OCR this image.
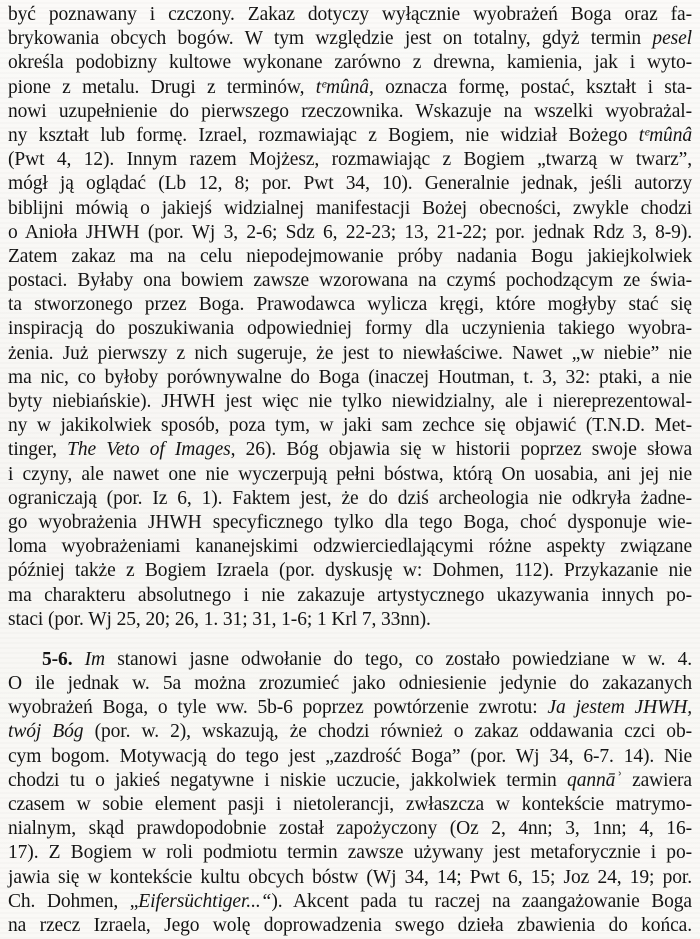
być poznawany i czczony. Zakaz dotyczy wyłącznie wyobrażeń Boga oraz fa-
brykowania obcych bogów. W tym względzie jest on totalny, gdyż termin pesel
określa podobizny kultowe wykonane zarówno z drewna, kamienia, jak i wyto-
pione z metalu. Drugi z terminów, tᵉmûnâ, oznacza formę, postać, kształt i sta-
nowi uzupełnienie do pierwszego rzeczownika. Wskazuje na wszelki wyobrażal-
ny kształt lub formę. Izrael, rozmawiając z Bogiem, nie widział Bożego tᵉmûnâ
(Pwt 4, 12). Innym razem Mojżesz, rozmawiając z Bogiem „twarzą w twarz”,
mógł ją oglądać (Lb 12, 8; por. Pwt 34, 10). Generalnie jednak, jeśli autorzy
biblijni mówią o jakiejś widzialnej manifestacji Bożej obecności, zwykle chodzi
o Anioła JHWH (por. Wj 3, 2-6; Sdz 6, 22-23; 13, 21-22; por. jednak Rdz 3, 8-9).
Zatem zakaz ma na celu niepodejmowanie próby nadania Bogu jakiejkolwiek
postaci. Byłaby ona bowiem zawsze wzorowana na czymś pochodzącym ze świa-
ta stworzonego przez Boga. Prawodawca wylicza kręgi, które mogłyby stać się
inspiracją do poszukiwania odpowiedniej formy dla uczynienia takiego wyobra-
żenia. Już pierwszy z nich sugeruje, że jest to niewłaściwe. Nawet „w niebie” nie
ma nic, co byłoby porównywalne do Boga (inaczej Houtman, t. 3, 32: ptaki, a nie
byty niebiańskie). JHWH jest więc nie tylko niewidzialny, ale i niereprezentowal-
ny w jakikolwiek sposób, poza tym, w jaki sam zechce się objawić (T.N.D. Met-
tinger, The Veto of Images, 26). Bóg objawia się w historii poprzez swoje słowa
i czyny, ale nawet one nie wyczerpują pełni bóstwa, którą On uosabia, ani jej nie
ograniczają (por. Iz 6, 1). Faktem jest, że do dziś archeologia nie odkryła żadne-
go wyobrażenia JHWH specyficznego tylko dla tego Boga, choć dysponuje wie-
loma wyobrażeniami kananejskimi odzwierciedlającymi różne aspekty związane
później także z Bogiem Izraela (por. dyskusję w: Dohmen, 112). Przykazanie nie
ma charakteru absolutnego i nie zakazuje artystycznego ukazywania innych po-
staci (por. Wj 25, 20; 26, 1. 31; 31, 1-6; 1 Krl 7, 33nn).
5-6. Im stanowi jasne odwołanie do tego, co zostało powiedziane w w. 4.
O ile jednak w. 5a można zrozumieć jako odniesienie jedynie do zakazanych
wyobrażeń Boga, o tyle ww. 5b-6 poprzez powtórzenie zwrotu: Ja jestem JHWH,
twój Bóg (por. w. 2), wskazują, że chodzi również o zakaz oddawania czci ob-
cym bogom. Motywacją do tego jest „zazdrość Boga” (por. Wj 34, 6-7. 14). Nie
chodzi tu o jakieś negatywne i niskie uczucie, jakkolwiek termin qannāʾ zawiera
czasem w sobie element pasji i nietolerancji, zwłaszcza w kontekście matrymo-
nialnym, skąd prawdopodobnie został zapożyczony (Oz 2, 4nn; 3, 1nn; 4, 16-
17). Z Bogiem w roli podmiotu termin zawsze używany jest metaforycznie i po-
jawia się w kontekście kultu obcych bóstw (Wj 34, 14; Pwt 6, 15; Joz 24, 19; por.
Ch. Dohmen, „Eifersüchtiger...“). Akcent pada tu raczej na zaangażowanie Boga
na rzecz Izraela, Jego wolę doprowadzenia swego dzieła zbawienia do końca.
